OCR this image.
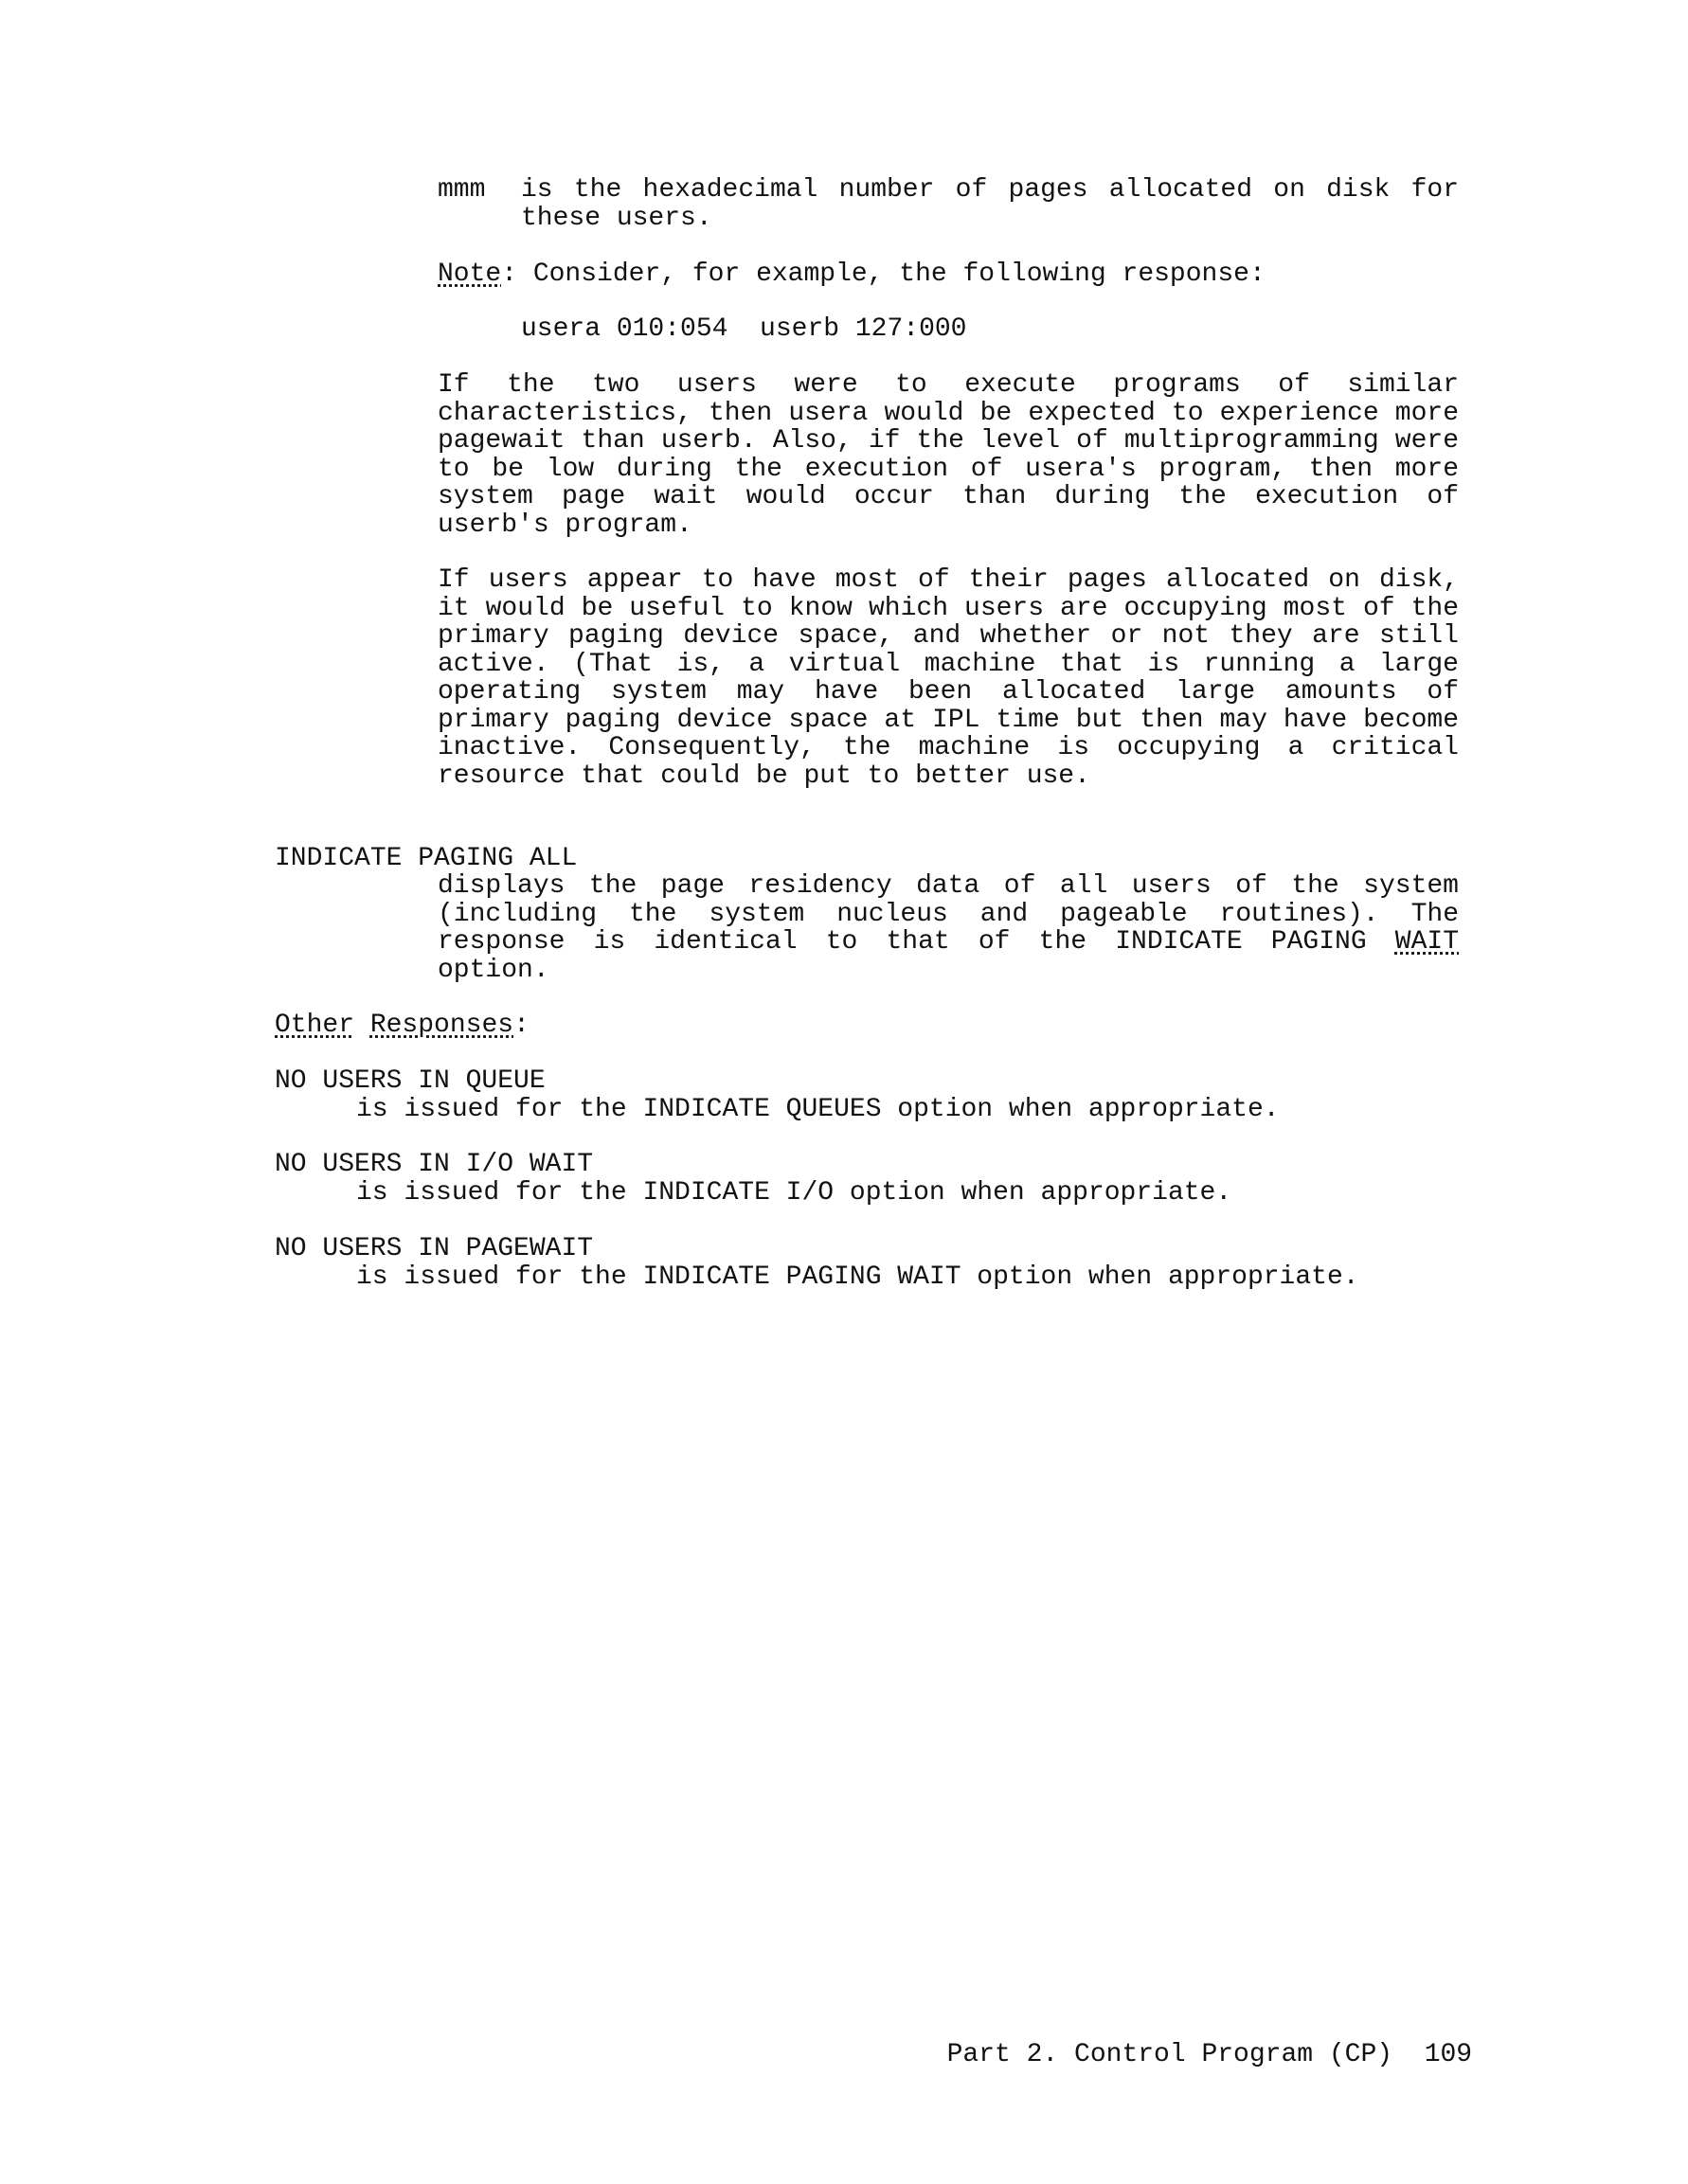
mmm	is the hexadecimal number of pages allocated on disk for these users.
Note: Consider, for example, the following response:
usera 010:054  userb 127:000
If the two users were to execute programs of similar characteristics, then usera would be expected to experience more pagewait than userb. Also, if the level of multiprogramming were to be low during the execution of usera's program, then more system page wait would occur than during the execution of userb's program.
If users appear to have most of their pages allocated on disk, it would be useful to know which users are occupying most of the primary paging device space, and whether or not they are still active. (That is, a virtual machine that is running a large operating system may have been allocated large amounts of primary paging device space at IPL time but then may have become inactive. Consequently, the machine is occupying a critical resource that could be put to better use.
INDICATE PAGING ALL
displays the page residency data of all users of the system (including the system nucleus and pageable routines). The response is identical to that of the INDICATE PAGING WAIT option.
Other Responses:
NO USERS IN QUEUE
is issued for the INDICATE QUEUES option when appropriate.
NO USERS IN I/O WAIT
is issued for the INDICATE I/O option when appropriate.
NO USERS IN PAGEWAIT
is issued for the INDICATE PAGING WAIT option when appropriate.

Part 2. Control Program (CP) 109
